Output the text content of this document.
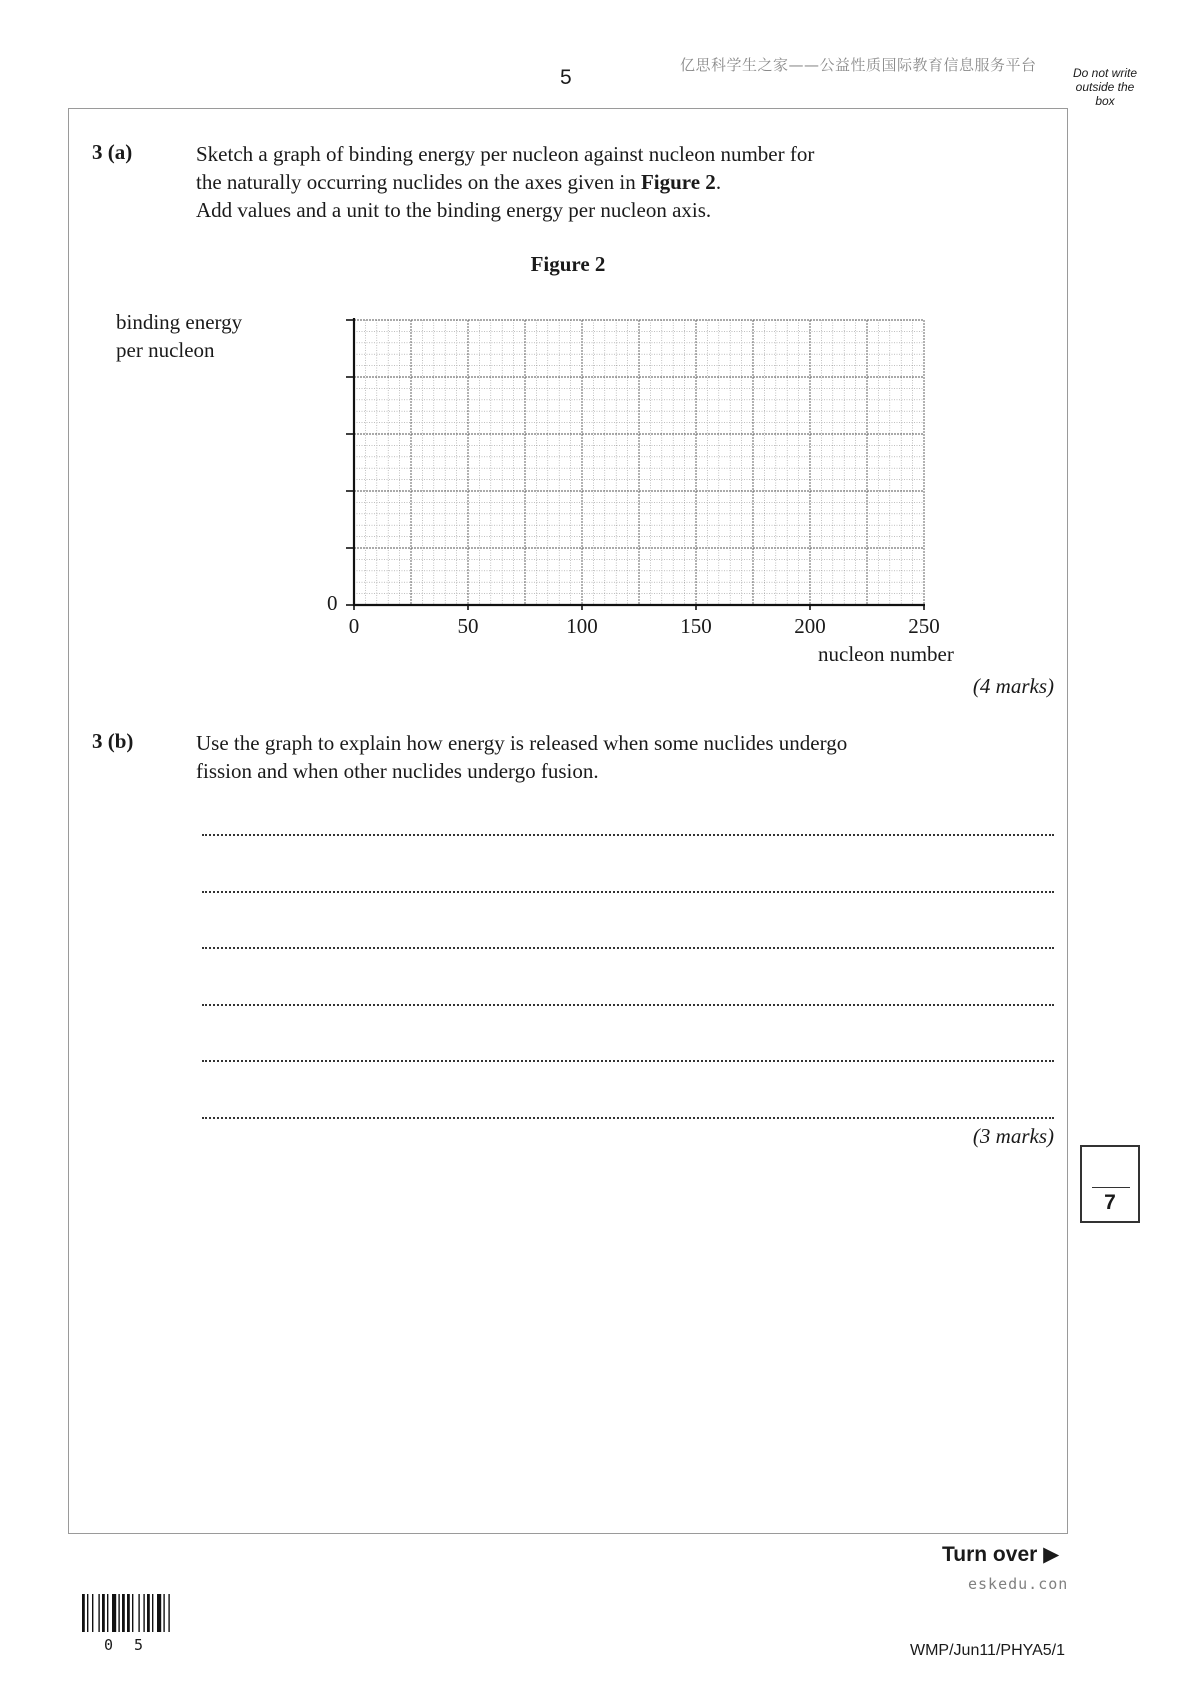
5
亿思科学生之家——公益性质国际教育信息服务平台	Do not write outside the box
3 (a)	Sketch a graph of binding energy per nucleon against nucleon number for
the naturally occurring nuclides on the axes given in Figure 2.
Add values and a unit to the binding energy per nucleon axis.
Figure 2
binding energy
per nucleon
0
0	50	100	150	200	250
nucleon number
(4 marks)
3 (b)	Use the graph to explain how energy is released when some nuclides undergo
fission and when other nuclides undergo fusion.
(3 marks)
7
Turn over ▶
eskedu.con
0 5	WMP/Jun11/PHYA5/1
